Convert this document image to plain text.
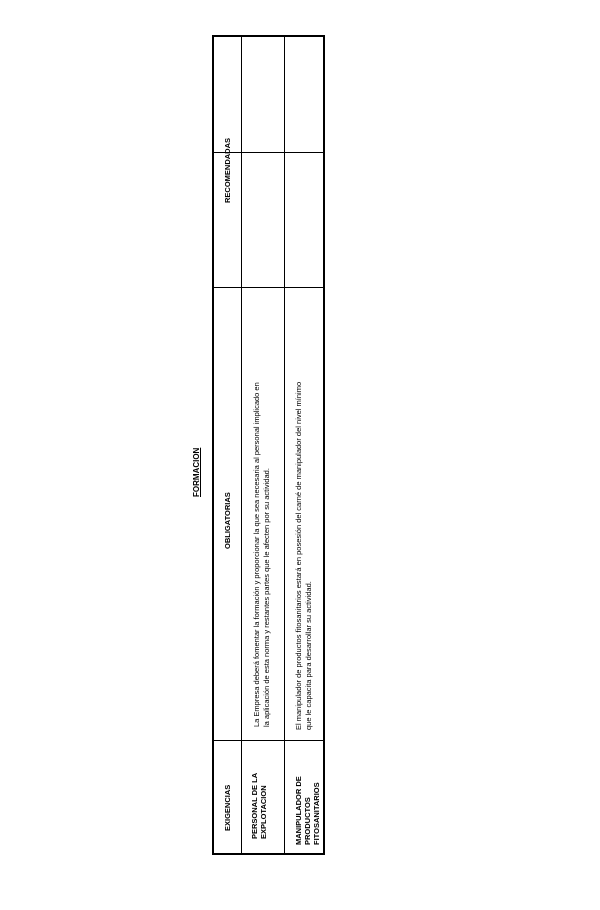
FORMACION
EXIGENCIAS
OBLIGATORIAS
RECOMENDADAS
PERSONAL DE LA EXPLOTACION
La Empresa deberá fomentar la formación y proporcionar la que sea necesaria al personal implicado en la aplicación de esta norma y restantes partes que le afecten por su actividad.
MANIPULADOR DE PRODUCTOS FITOSANITARIOS
El manipulador de productos fitosanitarios estará en posesión del carné de manipulador del nivel mínimo que le capacita para desarrollar su actividad.
